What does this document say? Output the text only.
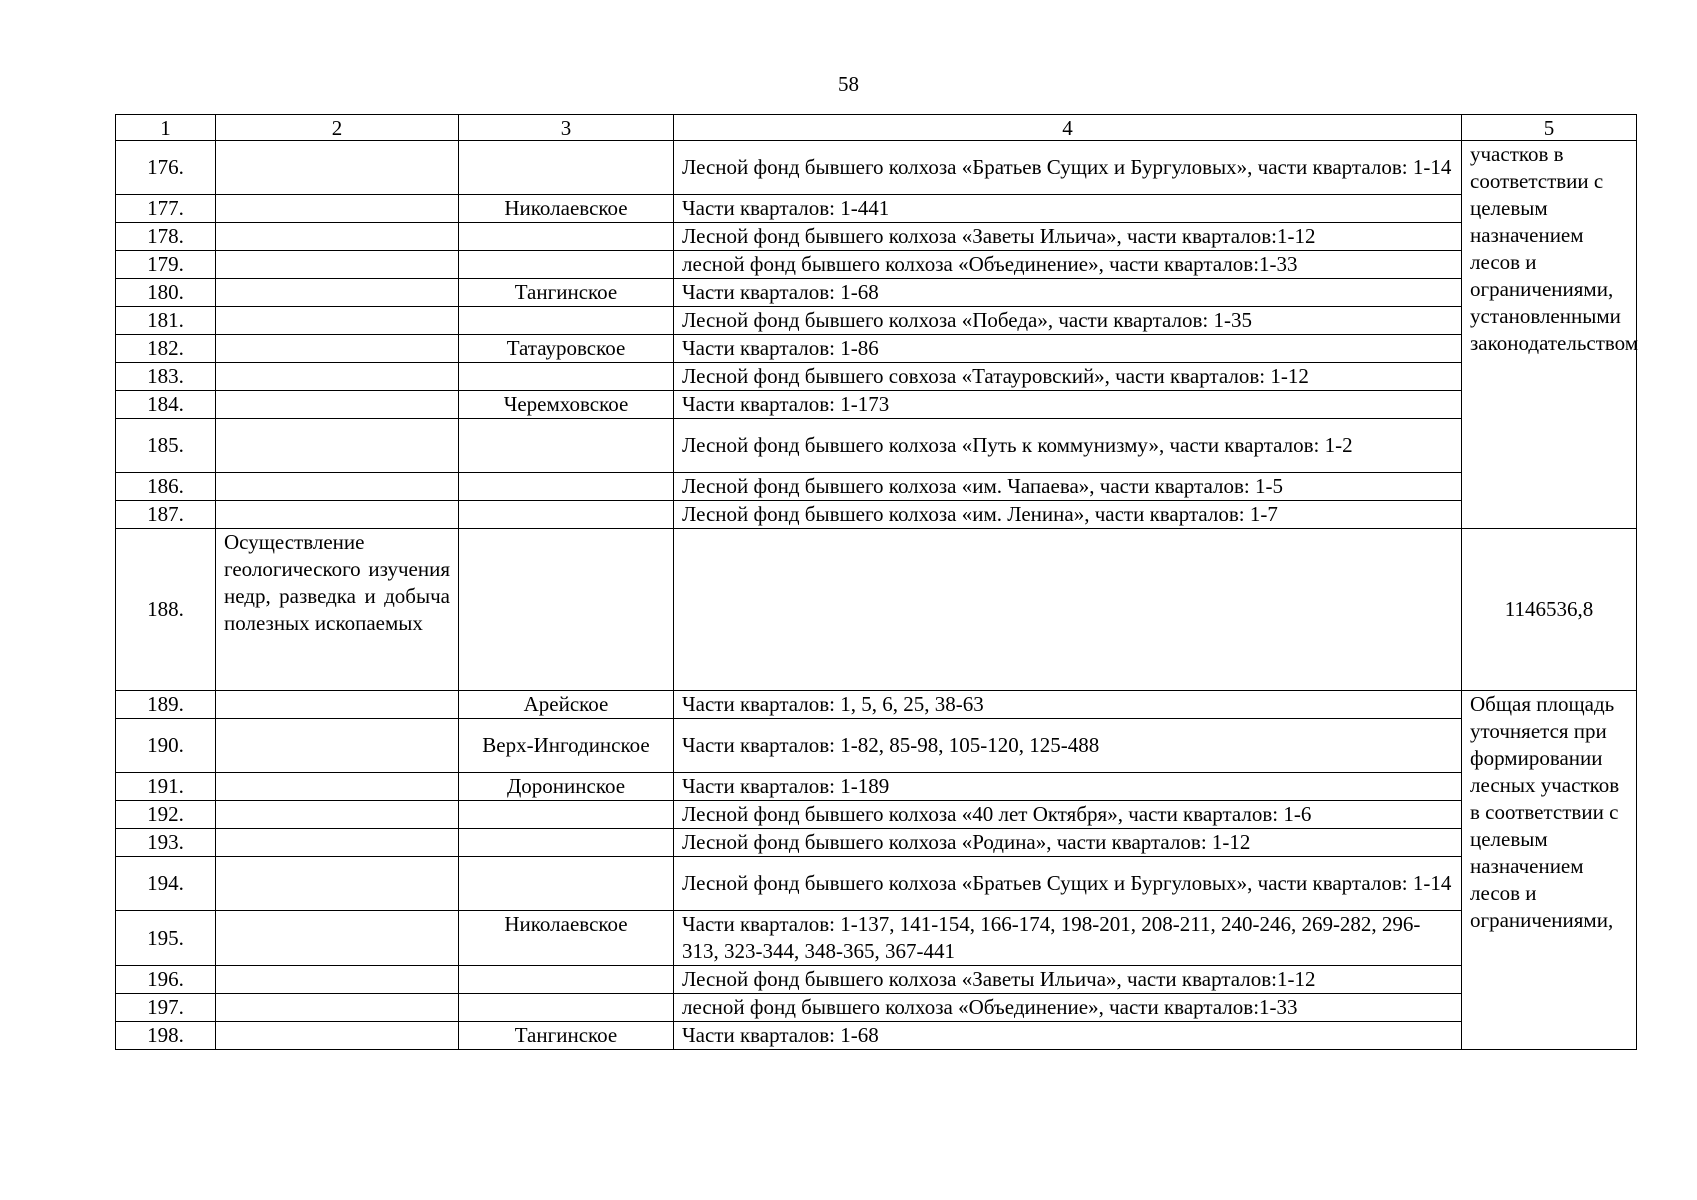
58
1	2	3	4	5
176.			Лесной фонд бывшего колхоза «Братьев Сущих и Бургуловых», части кварталов: 1-14	участков в соответствии с целевым назначением лесов и ограничениями, установленными законодательством
177.		Николаевское	Части кварталов: 1-441	
178.			Лесной фонд бывшего колхоза «Заветы Ильича», части кварталов:1-12	
179.			лесной фонд бывшего колхоза «Объединение», части кварталов:1-33	
180.		Тангинское	Части кварталов: 1-68	
181.			Лесной фонд бывшего колхоза «Победа», части кварталов: 1-35	
182.		Татауровское	Части кварталов: 1-86	
183.			Лесной фонд бывшего совхоза «Татауровский», части кварталов: 1-12	
184.		Черемховское	Части кварталов: 1-173	
185.			Лесной фонд бывшего колхоза «Путь к коммунизму», части кварталов: 1-2	
186.			Лесной фонд бывшего колхоза «им. Чапаева», части кварталов: 1-5	
187.			Лесной фонд бывшего колхоза «им. Ленина», части кварталов: 1-7	
188.	Осуществление геологического изучения недр, разведка и добыча полезных ископаемых			1146536,8
189.		Арейское	Части кварталов: 1, 5, 6, 25, 38-63	Общая площадь уточняется при формировании лесных участков в соответствии с целевым назначением лесов и ограничениями,
190.		Верх-Ингодинское	Части кварталов: 1-82, 85-98, 105-120, 125-488	
191.		Доронинское	Части кварталов: 1-189	
192.			Лесной фонд бывшего колхоза «40 лет Октября», части кварталов: 1-6	
193.			Лесной фонд бывшего колхоза «Родина», части кварталов: 1-12	
194.			Лесной фонд бывшего колхоза «Братьев Сущих и Бургуловых», части кварталов: 1-14	
195.		Николаевское	Части кварталов: 1-137, 141-154, 166-174, 198-201, 208-211, 240-246, 269-282, 296-313, 323-344, 348-365, 367-441	
196.			Лесной фонд бывшего колхоза «Заветы Ильича», части кварталов:1-12	
197.			лесной фонд бывшего колхоза «Объединение», части кварталов:1-33	
198.		Тангинское	Части кварталов: 1-68	
